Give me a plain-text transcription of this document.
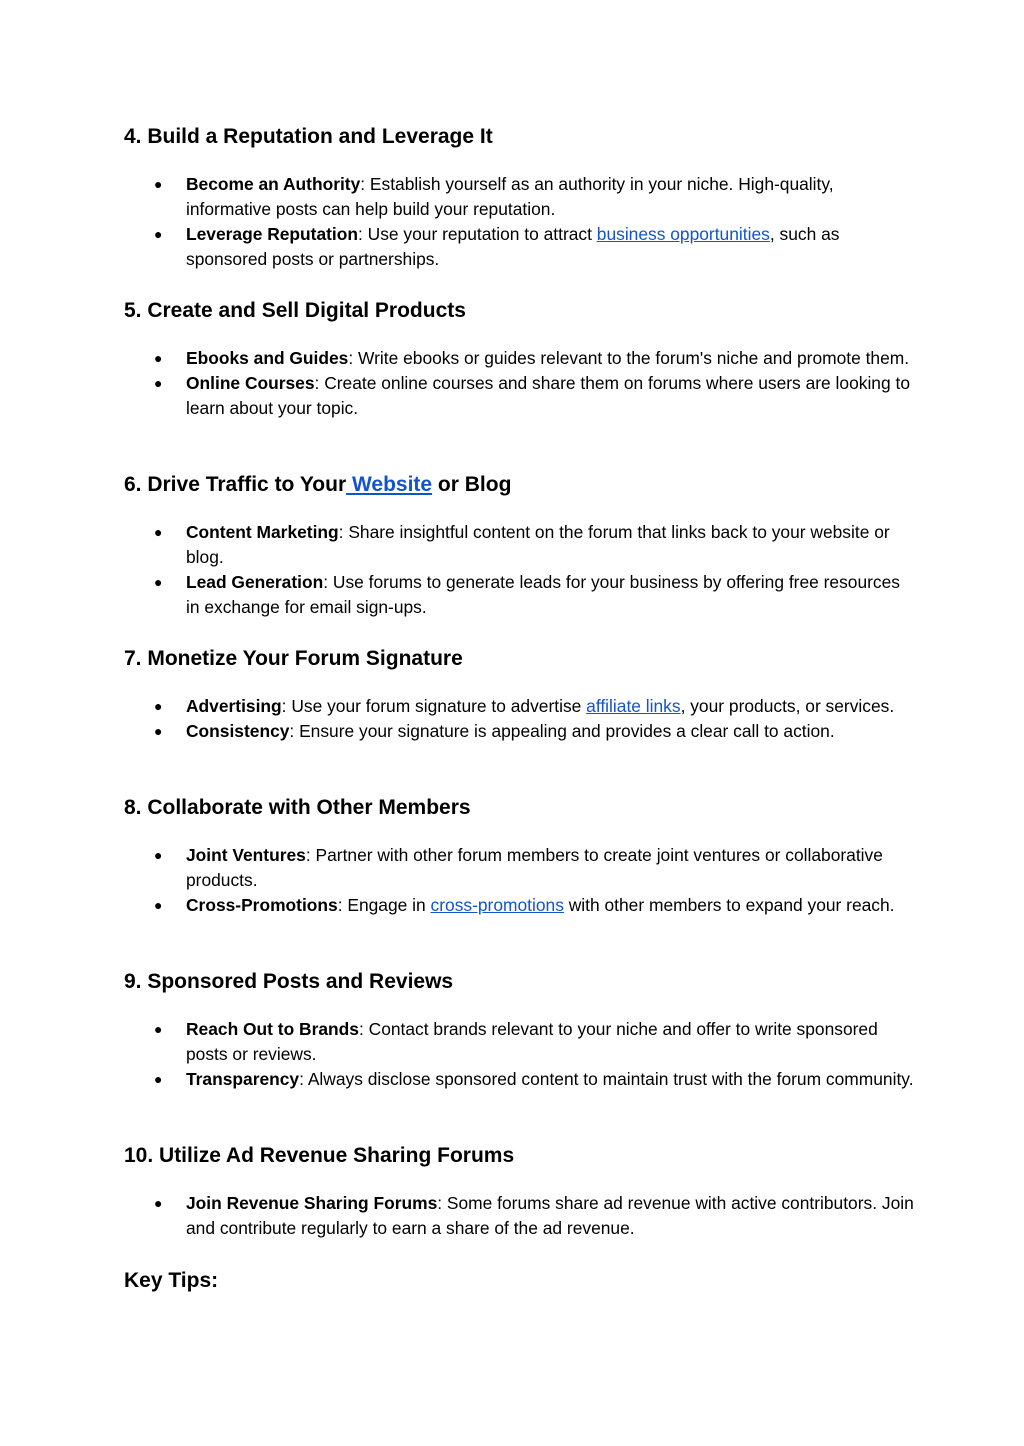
4. Build a Reputation and Leverage It
● Become an Authority: Establish yourself as an authority in your niche. High-quality, informative posts can help build your reputation.
● Leverage Reputation: Use your reputation to attract business opportunities, such as sponsored posts or partnerships.
5. Create and Sell Digital Products
● Ebooks and Guides: Write ebooks or guides relevant to the forum's niche and promote them.
● Online Courses: Create online courses and share them on forums where users are looking to learn about your topic.
6. Drive Traffic to Your Website or Blog
● Content Marketing: Share insightful content on the forum that links back to your website or blog.
● Lead Generation: Use forums to generate leads for your business by offering free resources in exchange for email sign-ups.
7. Monetize Your Forum Signature
● Advertising: Use your forum signature to advertise affiliate links, your products, or services.
● Consistency: Ensure your signature is appealing and provides a clear call to action.
8. Collaborate with Other Members
● Joint Ventures: Partner with other forum members to create joint ventures or collaborative products.
● Cross-Promotions: Engage in cross-promotions with other members to expand your reach.
9. Sponsored Posts and Reviews
● Reach Out to Brands: Contact brands relevant to your niche and offer to write sponsored posts or reviews.
● Transparency: Always disclose sponsored content to maintain trust with the forum community.
10. Utilize Ad Revenue Sharing Forums
● Join Revenue Sharing Forums: Some forums share ad revenue with active contributors. Join and contribute regularly to earn a share of the ad revenue.
Key Tips:
